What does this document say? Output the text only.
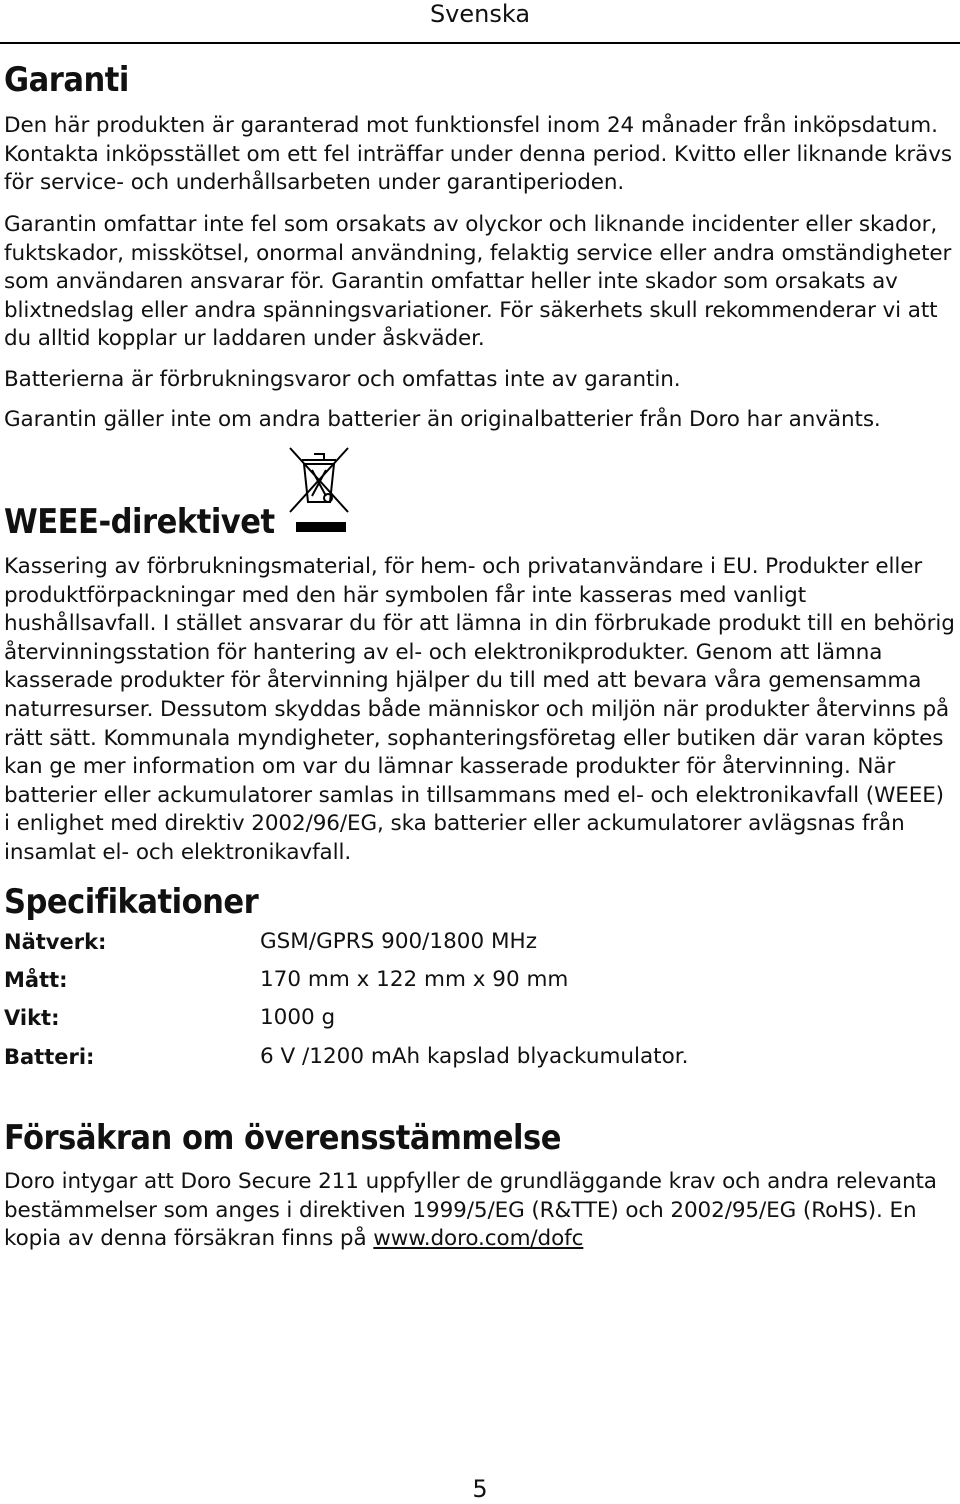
Svenska
Garanti
Den här produkten är garanterad mot funktionsfel inom 24 månader från inköpsdatum. Kontakta inköpsstället om ett fel inträffar under denna period. Kvitto eller liknande krävs för service- och underhållsarbeten under garantiperioden.
Garantin omfattar inte fel som orsakats av olyckor och liknande incidenter eller skador, fuktskador, misskötsel, onormal användning, felaktig service eller andra omständigheter som användaren ansvarar för. Garantin omfattar heller inte skador som orsakats av blixtnedslag eller andra spänningsvariationer. För säkerhets skull rekommenderar vi att du alltid kopplar ur laddaren under åskväder.
Batterierna är förbrukningsvaror och omfattas inte av garantin.
Garantin gäller inte om andra batterier än originalbatterier från Doro har använts.
WEEE-direktivet
Kassering av förbrukningsmaterial, för hem- och privatanvändare i EU. Produkter eller produktförpackningar med den här symbolen får inte kasseras med vanligt hushållsavfall. I stället ansvarar du för att lämna in din förbrukade produkt till en behörig återvinningsstation för hantering av el- och elektronikprodukter. Genom att lämna kasserade produkter för återvinning hjälper du till med att bevara våra gemensamma naturresurser. Dessutom skyddas både människor och miljön när produkter återvinns på rätt sätt. Kommunala myndigheter, sophanteringsföretag eller butiken där varan köptes kan ge mer information om var du lämnar kasserade produkter för återvinning. När batterier eller ackumulatorer samlas in tillsammans med el- och elektronikavfall (WEEE) i enlighet med direktiv 2002/96/EG, ska batterier eller ackumulatorer avlägsnas från insamlat el- och elektronikavfall.
Specifikationer
Nätverk:	GSM/GPRS 900/1800 MHz
Mått:	170 mm x 122 mm x 90 mm
Vikt:	1000 g
Batteri:	6 V /1200 mAh kapslad blyackumulator.
Försäkran om överensstämmelse
Doro intygar att Doro Secure 211 uppfyller de grundläggande krav och andra relevanta bestämmelser som anges i direktiven 1999/5/EG (R&TTE) och 2002/95/EG (RoHS). En kopia av denna försäkran finns på www.doro.com/dofc
5
